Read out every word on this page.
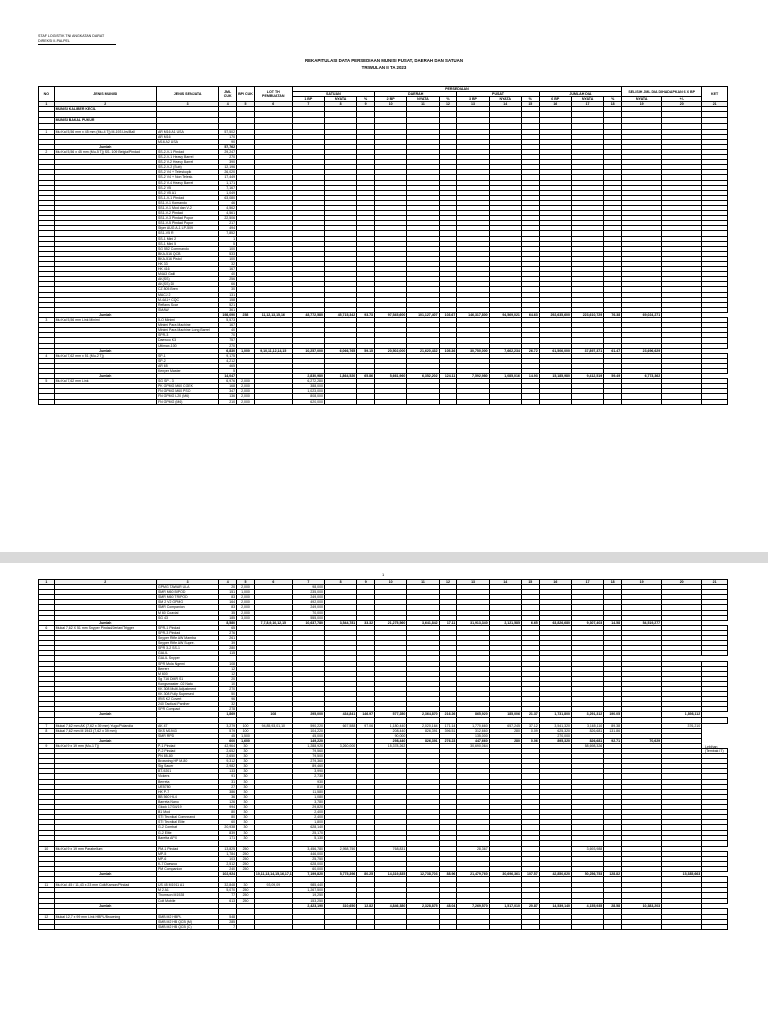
STAF LOGISTIK TNI ANGKATAN DARAT
DIREKSI II-PALPEL
REKAPITULASI DATA PERSEDIAAN MUNISI PUSAT, DAERAH DAN SATUAN
TRIWULAN II TA 2023
NO	JENIS MUNISI	JENIS SENJATA	JML CUK	BPI CUK	LOT TH PEMBUATAN	PERSEDIAAN												SELISIH JML DIA DIHADAPKAN 6 X BP		KET
						SATUAN			DAERAH			PUSAT			JUMLAH DIA					
						1 BP	NYATA	%	2 BP	NYATA	%	3 BP	NYATA	%	6 BP	NYATA	%	NYATA	+/-	
1	2	3	4	5	6	7	8	9	10	11	12	13	14	15	16	17	18	19	20	21
	MUNISI KALIBER KECIL																			

	MUNISI BAKAL PUKUR																			

1	Mu Kal 5,56 mm x 45 mm (Mu-4 Tj) M-193 Lbs/Ball	AR M16 A1 USA	57,502																	
		AR M16	170																	
		M16 A2 USA	90																	
	Jumlah		57,762																	
2	Mu Kal 5,56 x 45 mm (Mu-5 Tj) SS- 109 Belgia/Pindad	SS-2-V-1 Pindad	29,247																	
		SS-2-V-1 Heavy Barrel	270																	
		SS-2 V-2 Heavy Barrel	390																	
		SS-2-V-2 (Sub)	12,196																	
		SS-2 V4 + Teleskopik	26,020																	
		SS-2 V4 + Non Telesk.	17,449																	
		SS-2 V-4 Heavy Barrel	1,171																	
		SS-2 V5	7,167																	
		SS-2 V5 A1	1,049																	
		SS-1-V-1 Pindad	63,080																	
		SS1-V-1 Komando	46																	
		SS1-V-1 Mod dan V-2	4,562																	
		SS1-V-2 Pindad	4,561																	
		SS1-V-3 Pindad Popor	22,506																	
		SS1-V-5 Pindad Popor	217																	
		Styer AUG A-1 LP-509	494																	
		SS1-V5 R	7,852																	
		SS-1 Mini 2	1																	
		SS-1 Mini 5	5																	
		SG 552 Commando	100																	
		BKA-516 QCB	533																	
		BKA-516 Pistol	100																	
		HK 33	32																	
		HK 416	167																	
		M4A3 Galil	40																	
		AK(SS)	256																	
		AK(SS) DI	66																	
		CZ 805 Bren	30																	
		MACJ 2	131																	
		M-4A1+ CQC	158																	
		Reflans Scar	521																	
		SMAW	361																	
	Jumlah		198,090	258	11,12,13,15,16	48,772,580	45,715,342	93.73	97,545,600	101,127,407	103.67	146,317,800	94,569,021	64.63	292,635,600	223,610,729	76.38	69,024,271		
3	Mu Kal 5,56 mm Link Minimi	5-O Minimi	5,573																	
		Minimi Para Machine	167																	
		Minimi Para Machine Long Barrel	40																	
		SPR-3	70																	
		Daewoo K3	757																	
		Ultimax-100	270																	
	Jumlah		6,830	1,000	9,10,11,12,14,15	10,257,000	6,066,765	59.15	20,502,000	21,620,432	105.36	30,750,000	7,662,234	26.72	61,506,000	37,897,371	61.47	23,696,629		
4	Mu Kal 7,62 mm x 51 (Mu-2 Tj)	SP-1	9,175																	
		SP-2	4,212																	
		AR 65	465																	
		Kenyer Master	5																	
	Jumlah		14,047			2,830,980	1,864,520	65.86	5,661,960	6,352,202	124.11	7,592,980	1,085,016	14.93	15,185,980	9,412,519	59.49	6,773,362		
5	Mu Kal 7,62 mm Link	SG SP - 3	6,976	2,000		6,272,280														
		PK GPMG M60 CGEK	168	2,000		388,000														
		FN GPMG M60 PSO	347	2,000		1,023,000														
		FN GPMG L20 (M6)	136	2,000		808,000														
		FN GPMG (M6)	210	2,000		620,000														
1	2	3	4	5	6	7	8	9	10	11	12	13	14	15	16	17	18	19	20	21
		GPMG TAWAR ULA	20	2,000		98,000														
		SMR M60 BIPOD	151	1,000		235,000														
		SMR M60 TRIPOD	83	2,000		249,000														
		SM 2 V2 GPMG	164	2,000		492,000														
		SMR Companion	83	2,000		249,000														
		M 60 Coaxial	35	2,000		70,000														
		SG 43	185	3,000		555,000														
	Jumlah		8,580		7,7,8,9,10,12,15	10,637,780	3,544,781	33.32	21,275,560	3,641,842	17.11	31,913,340	2,121,585	6.65	63,826,680	9,307,403	14.58	54,519,277		
6	Mukal 7,62 X 51 mm Snyper Pindad/Jerlan/Trigger	SPR-1 Pindad	65																	
		SPR-3 Pindad	276																	
		Snyper Rifle AW Mamba	261																	
		Snyper Rifle AW Supre.	39																	
		SPR 3-2 SS-1	280																	
		GALIL	115																	
		GALIL Snyper																		
		SPR Mola Ngemi	108																	
		Berrerr	12																	
		M 600	12																	
		Sg 716 DMR S1	20																	
		Kongsmaster .02 Nato	10																	
		KK 308 Multi Adjustment	270																	
		KK 308 Fully Supresed	50																	
		IRIS K2 Covert	96																	
		240 Tactical Panther	32																	
		SPR Compact	278																	
	Jumlah		1,869		108	295,000	434,841	146.97	577,280	2,364,870	216.26	865,920	185,006	21.37	1,731,800	3,291,312	190.05		1,898,112	

7	Mukal 7,62 mm AK (7,62 x 39 mm) Yugo/Polandia	AK 47	3,279	100	94,85,93,01,10	590,220	667,588	97.06	1,180,440	2,020,164	171.14	1,770,660	657,245	37.12	3,541,320	3,165,110	89.38		376,210	
8	Mukal 7,62 mm M 1943 (7,62 x 39 mm)	SKS M1943	579	100		104,220			208,440	826,391	396.51	312,660	280	0.09	625,320	826,681	131.86			
		SMR RPD	45	1,500		45,000			90,000			135,000			270,000					
	Jumlah		600	1,600		149,220			298,440	826,391	276.23	447,660	280	0.06	895,320	826,681	92.71	70,629		
9	Mu Kal 9 x 19 mm (Mu-1 Tj)	P-1 Pindad	42,964	30		1,288,920	3,260,000		15,378,262			30,690,064				58,698,326				
		P-2 Pindad	2,652	30		79,560														
		PN 85-80	2,650	30		79,500														
		Browning HP M-80	9,312	30		279,360														
		Sig Sauer	2,982	30		89,460														
		BT-9201	133	30		3,990														
		Vickers	91	30		2,730														
		Berreta	31	30		930														
		UE5780	27	30		810														
		HK P-7	386	30		11,580														
		BB 560 HL4	36	30		1,080														
		Barreta Nano	126	30		3,780														
		Glock 17/34/19	994	30		29,820														
		B1 Mod	80	30		2,400														
		STI Tecnikal Comnnand	80	30		2,400														
		STI Tecnikal Elite	60	30		1,800														
		G-2 Combat	20,938	30		628,140														
		G-2 Elite	839	30		25,170														
		Baretta APX	171	30		5,130														

10	Mu Kal 9 x 19 mm Parabellum	PM-1 Pindad	13,825	250		3,456,780	2,958,750		768,831			28,367				3,693,988				
		MP-5	1,784	250		446,000														
		MP-6	103	250		25,750														
		K-7 Daewoo	2,512	250		628,000														
		PM Companion	240	250		60,000														
	Jumlah		102,924		10,11,13,14,15,16,17,1	7,199,820	5,775,396	80.25	14,319,835	12,738,703	88.96	21,479,760	30,696,361	107.57	42,850,620	50,256,753	128.82		15,385,663	

11	Mu Kal .45 / 11,43 x 23 mm Colt/Kamon/Pindad	US 45 M1911 A1	32,848	30	93,09,09	985,440														
		M 2 A1	5,070	250		1,267,500														
		Thomson M1928	77	250		19,250														
		Colt Mobile	613	250		153,250														
	Jumlah					2,423,190	310,650	12.82	4,846,380	2,328,875	48.04	7,269,570	1,517,010	20.87	14,539,140	4,155,935	28.58	10,383,203		

12	Mukal 12,7 x 99 mm Link HBPL/Browning	SMB M2 HBPL	548																	
		SMB M2 HB QCB (M)	285																	
		SMB M2 HB QCB (C)	7																	
1
Lebihan (Tembak IT)
